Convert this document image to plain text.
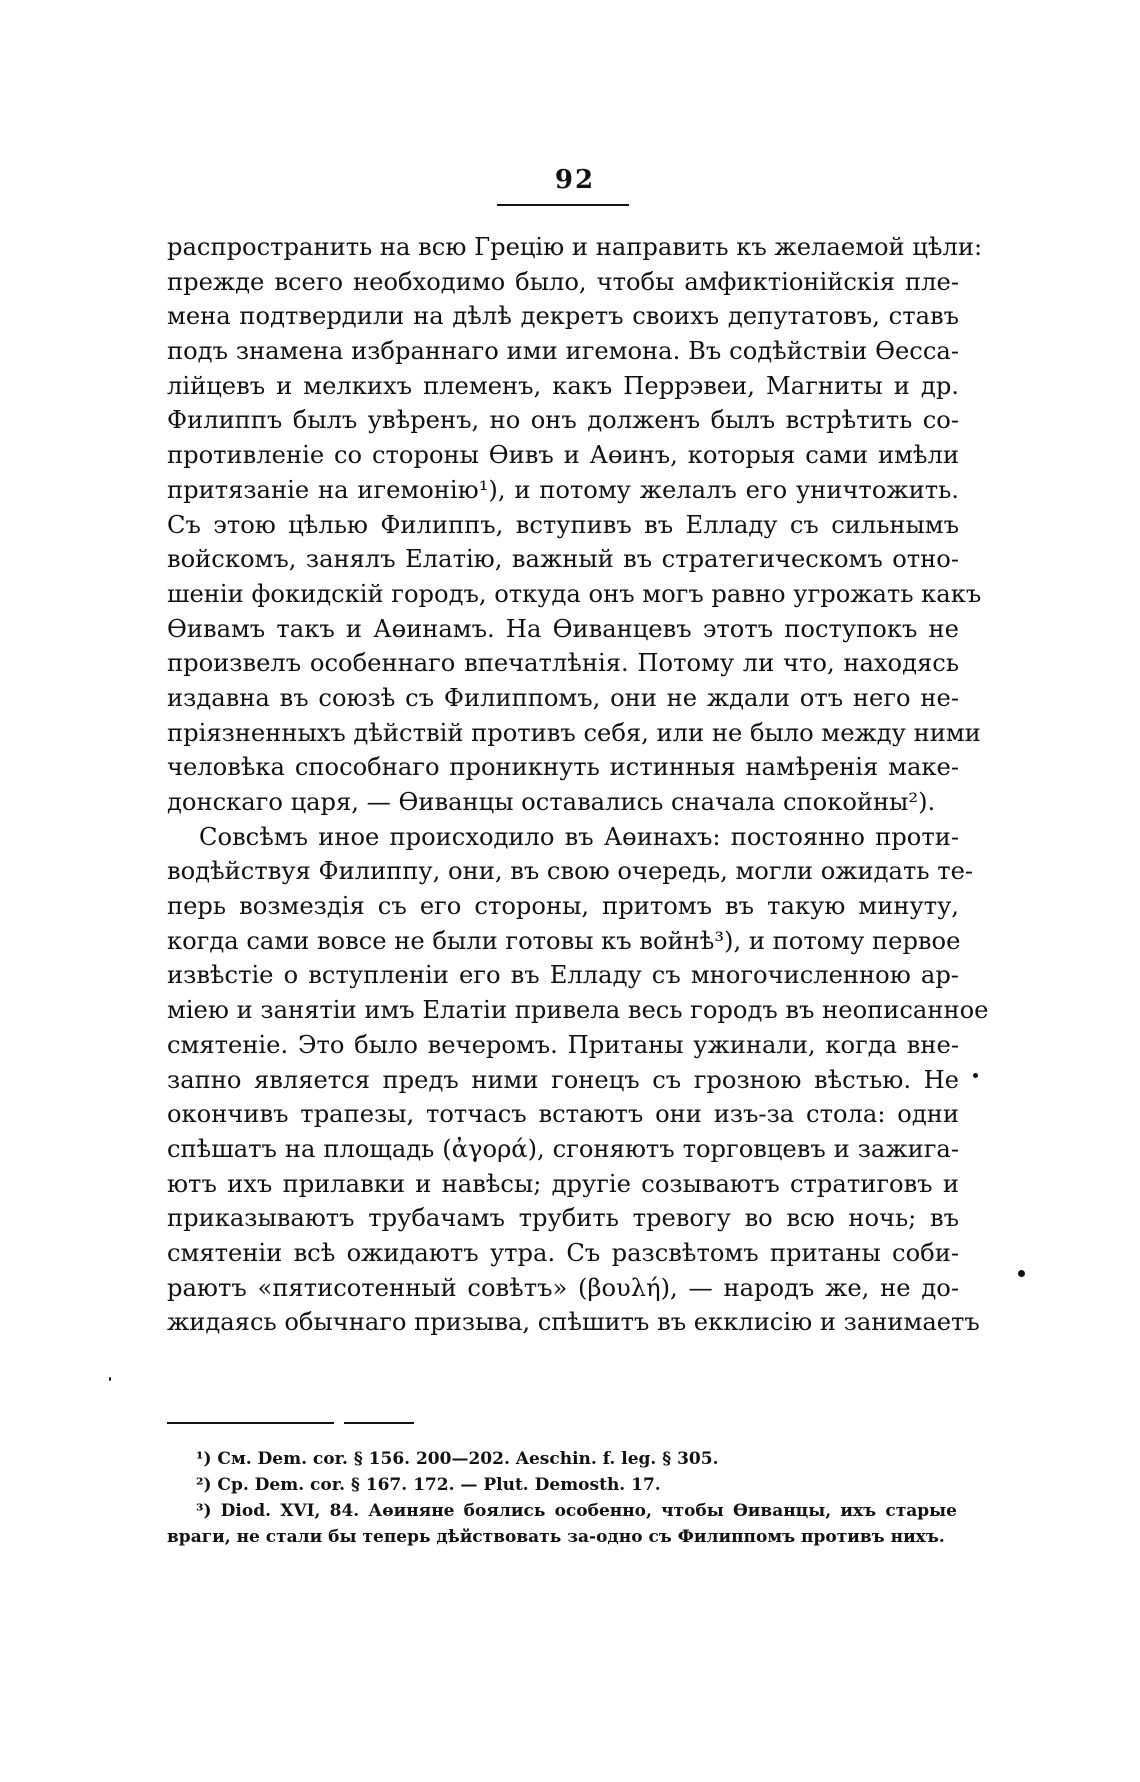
92
распространить на всю Грецію и направить къ желаемой цѣли:
прежде всего необходимо было, чтобы амфиктіонійскія пле-
мена подтвердили на дѣлѣ декретъ своихъ депутатовъ, ставъ
подъ знамена избраннаго ими игемона. Въ содѣйствіи Өесса-
лійцевъ и мелкихъ племенъ, какъ Перрэвеи, Магниты и др.
Филиппъ былъ увѣренъ, но онъ долженъ былъ встрѣтить со-
противленіе со стороны Өивъ и Аөинъ, которыя сами имѣли
притязаніе на игемонію¹), и потому желалъ его уничтожить.
Съ этою цѣлью Филиппъ, вступивъ въ Елладу съ сильнымъ
войскомъ, занялъ Елатію, важный въ стратегическомъ отно-
шеніи фокидскій городъ, откуда онъ могъ равно угрожать какъ
Өивамъ такъ и Аөинамъ. На Өиванцевъ этотъ поступокъ не
произвелъ особеннаго впечатлѣнія. Потому ли что, находясь
издавна въ союзѣ съ Филиппомъ, они не ждали отъ него не-
пріязненныхъ дѣйствій противъ себя, или не было между ними
человѣка способнаго проникнуть истинныя намѣренія маке-
донскаго царя, — Өиванцы оставались сначала спокойны²).
Совсѣмъ иное происходило въ Аөинахъ: постоянно проти-
водѣйствуя Филиппу, они, въ свою очередь, могли ожидать те-
перь возмездія съ его стороны, притомъ въ такую минуту,
когда сами вовсе не были готовы къ войнѣ³), и потому первое
извѣстіе о вступленіи его въ Елладу съ многочисленною ар-
міею и занятіи имъ Елатіи привела весь городъ въ неописанное
смятеніе. Это было вечеромъ. Пританы ужинали, когда вне-
запно является предъ ними гонецъ съ грозною вѣстью. Не
окончивъ трапезы, тотчасъ встаютъ они изъ-за стола: одни
спѣшатъ на площадь (ἀγορά), сгоняютъ торговцевъ и зажига-
ютъ ихъ прилавки и навѣсы; другіе созываютъ стратиговъ и
приказываютъ трубачамъ трубить тревогу во всю ночь; въ
смятеніи всѣ ожидаютъ утра. Съ разсвѣтомъ пританы соби-
раютъ «пятисотенный совѣтъ» (βουλή), — народъ же, не до-
жидаясь обычнаго призыва, спѣшитъ въ екклисію и занимаетъ
¹) См. Dem. cor. § 156. 200—202. Aeschin. f. leg. § 305.
²) Cp. Dem. cor. § 167. 172. — Plut. Demosth. 17.
³) Diod. XVI, 84. Аөиняне боялись особенно, чтобы Өиванцы, ихъ старые
враги, не стали бы теперь дѣйствовать за-одно съ Филиппомъ противъ нихъ.
